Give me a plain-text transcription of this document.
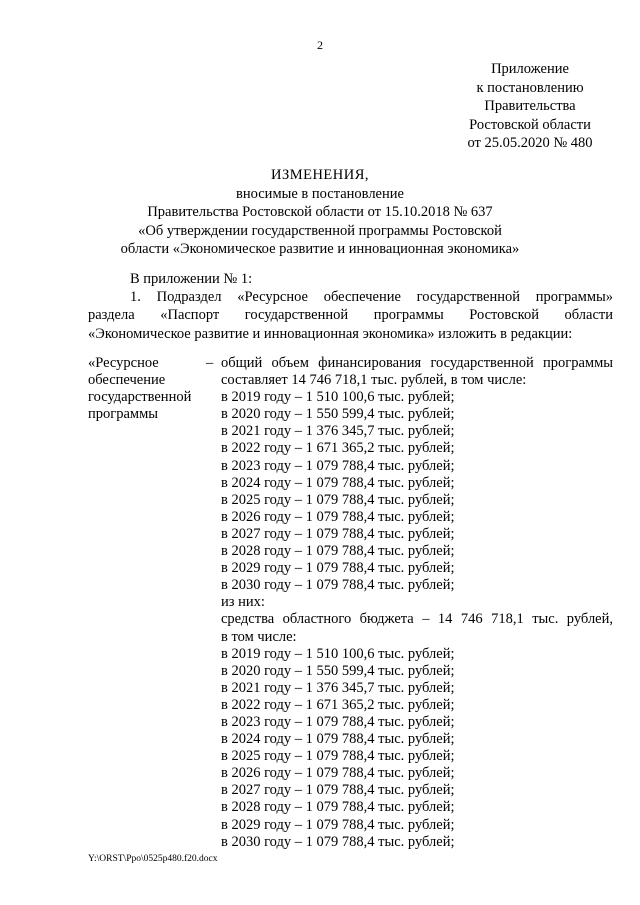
2
Приложение
к постановлению
Правительства
Ростовской области
от 25.05.2020 № 480
ИЗМЕНЕНИЯ,
вносимые в постановление
Правительства Ростовской области от 15.10.2018 № 637
«Об утверждении государственной программы Ростовской
области «Экономическое развитие и инновационная экономика»

В приложении № 1:

1. Подраздел «Ресурсное обеспечение государственной программы»

раздела «Паспорт государственной программы Ростовской области

«Экономическое развитие и инновационная экономика» изложить в редакции:

«Ресурсное
обеспечение
государственной
программы
– общий объем финансирования государственной программы
составляет 14 746 718,1 тыс. рублей, в том числе:
в 2019 году – 1 510 100,6 тыс. рублей;
в 2020 году – 1 550 599,4 тыс. рублей;
в 2021 году – 1 376 345,7 тыс. рублей;
в 2022 году – 1 671 365,2 тыс. рублей;
в 2023 году – 1 079 788,4 тыс. рублей;
в 2024 году – 1 079 788,4 тыс. рублей;
в 2025 году – 1 079 788,4 тыс. рублей;
в 2026 году – 1 079 788,4 тыс. рублей;
в 2027 году – 1 079 788,4 тыс. рублей;
в 2028 году – 1 079 788,4 тыс. рублей;
в 2029 году – 1 079 788,4 тыс. рублей;
в 2030 году – 1 079 788,4 тыс. рублей;
из них:
средства областного бюджета – 14 746 718,1 тыс. рублей,
в том числе:
в 2019 году – 1 510 100,6 тыс. рублей;
в 2020 году – 1 550 599,4 тыс. рублей;
в 2021 году – 1 376 345,7 тыс. рублей;
в 2022 году – 1 671 365,2 тыс. рублей;
в 2023 году – 1 079 788,4 тыс. рублей;
в 2024 году – 1 079 788,4 тыс. рублей;
в 2025 году – 1 079 788,4 тыс. рублей;
в 2026 году – 1 079 788,4 тыс. рублей;
в 2027 году – 1 079 788,4 тыс. рублей;
в 2028 году – 1 079 788,4 тыс. рублей;
в 2029 году – 1 079 788,4 тыс. рублей;
в 2030 году – 1 079 788,4 тыс. рублей;
Y:\ORST\Ppo\0525p480.f20.docx
